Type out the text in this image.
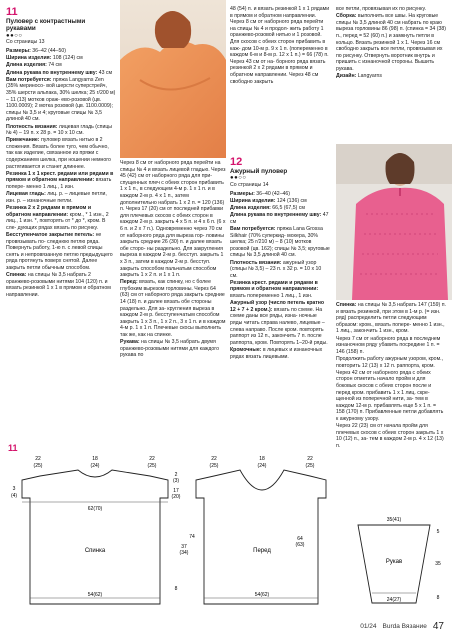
11
Пуловер с контрастными рукавами
●●○○

Со страницы 13

Размеры: 36–42 (44–50)

Ширина изделия: 108 (124) см

Длина изделия: 74 см

Длина рукава по внутреннему шву: 43 см

Вам потребуется: пряжа Langyarns Zen (35% мериносо- вой шерсти суперстрейч, 35% шерсти альпака, 30% шелка; 25 г/200 м) – 11 (13) мотков ораж- ево-розовой (цв. 1100.0009); 2 мотка розовой (цв. 1100.0009); спицы № 3,5 и 4; круговые спицы № 3,5 длиной 40 см.

Плотность вязания: лицевая гладь (спицы № 4) – 19 п. x 28 р. = 10 x 10 см.

Примечание: пуловер вязать нитью в 2 сложения. Вязать более туго, чем обычно, так как изделие, связанное из пряжи с содержанием шелка, при ношении немного растягивается и станет длиннее.

Резинка 1 x 1 крест. рядами или рядами в прямом и обратном направлении: вязать попере- менно 1 лиц., 1 изн.

Лицевая гладь: лиц. р. – лицевые петли, изн. р. – изнаночные петли.

Резинка 2 x 2 рядами в прямом и обратном направлении: кром., * 1 изн., 2 лиц., 1 изн. *, повторять от * до *, кром. В сле- дующих рядах вязать по рисунку.

Бесступенчатое закрытие петель: не провязывать по- следнюю петлю ряда. Повернуть работу, 1-ю п. с левой спицы снять и непровязанную петлю предыдущего ряда протянуть поверх снятой. Далее закрыть петли обычным способом.

Спинка: на спицы № 3,5 набрать 2 оранжево-розовыми нитями 104 (120) п. и вязать резинкой 1 x 1 в прямом и обратном направлении.

Через 8 см от наборного ряда перейти на спицы № 4 и вязать лицевой гладью. Через 45 (42) см от наборного ряда для при- спущенных плеч с обеих сторон прибавить 1 x 1 п., в следующем 4-м р. 1 x 1 п. и в каждом 2-м р. 4 x 1 п., затем дополнительно набрать 1 x 2 п. = 120 (136) п. Через 17 (20) см от последней прибавки для плечевых скосов с обеих сторон в каждом 2-м р. закрыть 4 x 5 п. и 4 x 6 п. (6 x 6 п. и 2 x 7 п.). Одновременно через 70 см от наборного ряда для выреза гор- ловины закрыть средние 26 (30) п. и далее вязать обе сторо- ны раздельно. Для закругления выреза в каждом 2-м р. бесступ. закрыть 1 x 3 п., затем в каждом 2-м р. бесступ. закрыть способом пальчатым способом закрыть 1 x 2 п. и 1 x 1 п.

Перед: вязать, как спинку, но с более глубоким вырезом горловины. Через 64 (63) см от наборного ряда закрыть средние 14 (18) п. и далее вязать обе стороны раздельно. Для за- кругления выреза в каждом 2-м р. бесступенчатым способом закрыть 1 x 3 п., 1 x 2 п., 3 x 1 п. и в каждом 4-м р. 1 x 1 п. Плечевые скосы выполнить так же, как на спинке.

Рукава: на спицы № 3,5 набрать двумя оранжево-розовыми нитями для каждого рукава по

48 (54) п. и вязать резинкой 1 x 1 рядами в прямом и обратном направлении. Через 8 см от наборного ряда перейти на спицы № 4 и продол- жить работу 1 оранжево-розовой нитью и 1 розовой. Для скосов с обеих сторон прибавить в каж- дом 10-м р. 9 x 1 п. (попеременно в каждом 6-м и 8-м р. 12 x 1 п.) = 66 (78) п. Через 43 см от на- борного ряда вязать резинкой 2 x 2 рядами в прямом и обратном направлении. Через 48 см свободно закрыть

все петли, провязывая их по рисунку.

Сборка: выполнить все швы. На круговые спицы № 3,5 длиной 40 см набрать по краю выреза горловины 86 (98) п. (спинка = 34 (38) п., перед = 52 (60) п.) и замкнуть петли в кольцо. Вязать резинкой 1 x 1. Через 16 см свободно закрыть все петли, провязывая их по рисунку. Отвернуть воротник внутрь и пришить с изнаночной стороны. Вышить рукава.

Дизайн: Langyarns

12
Ажурный пуловер
●●○○

Со страницы 14

Размеры: 36–40 (42–46)

Ширина изделия: 124 (136) см

Длина изделия: 66,5 (67,5) см

Длина рукава по внутреннему шву: 47 см

Вам потребуется: пряжа Lana Grossa Silkhair (70% суперкид- мохера, 30% шелка; 25 г/210 м) – 8 (10) мотков розовой (цв. 162); спицы № 3,5; круговые спицы № 3,5 длиной 40 см.

Плотность вязания: ажурный узор (спицы № 3,5) – 23 п. x 32 р. = 10 x 10 см.

Резинка крест. рядами и рядами в прямом и обратном направлении: вязать попеременно 1 лиц., 1 изн.

Ажурный узор (число петель кратно 12 + 7 + 2 кром.): вязать по схеме. На схеме даны все ряды, изна- ночные ряды читать справа налево, лицевые – слева направо. После кром. повторять раппорт из 12 п., закончить 7 п. после раппорта, кром. Повторять 1–20-й ряды.

Кромочные: в лицевых и изнаночных рядах вязать лицевыми.

Спинка: на спицы № 3,5 набрать 147 (159) п. и вязать резинкой, при этом в 1-м р. (= изн. ряд) распределить петли следующим образом: кром., вязать попере- менно 1 изн., 1 лиц., закончить 1 изн., кром.

Через 7 см от наборного ряда в последнем изнаночном ряду убавить посредине 1 п. = 146 (158) п.

Продолжить работу ажурным узором, кром., повторить 12 (13) x 12 п. раппорта, кром.

Через 42 см от наборного ряда с обеих сторон отметить начало пройм и для боковых скосов с обеих сторон после и перед кром. прибавить 1 x 1 лиц. скре- щенной из поперечной нити, за- тем в каждом 12-м р. прибавлять еще 5 x 1 п. = 158 (170) п. Прибавленные петли добавлять к ажурному узору.

Через 22 (23) см от начала пройм для плечевых скосов с обеих сторон закрыть 1 x 10 (12) п., за- тем в каждом 2-м р. 4 x 12 (13) п.

11
Спинка
22	18	22
(25)	(24)	(25)
62(70)
54(62)
3
(4)
17
(20)
8
37
(34)
74
2
(3)
Перед
22	18	22
(25)	(24)	(25)
54(62)
64
(63)
35(41)
Рукав
24(27)
5
35
8
01/24 Burda Вязание 47
